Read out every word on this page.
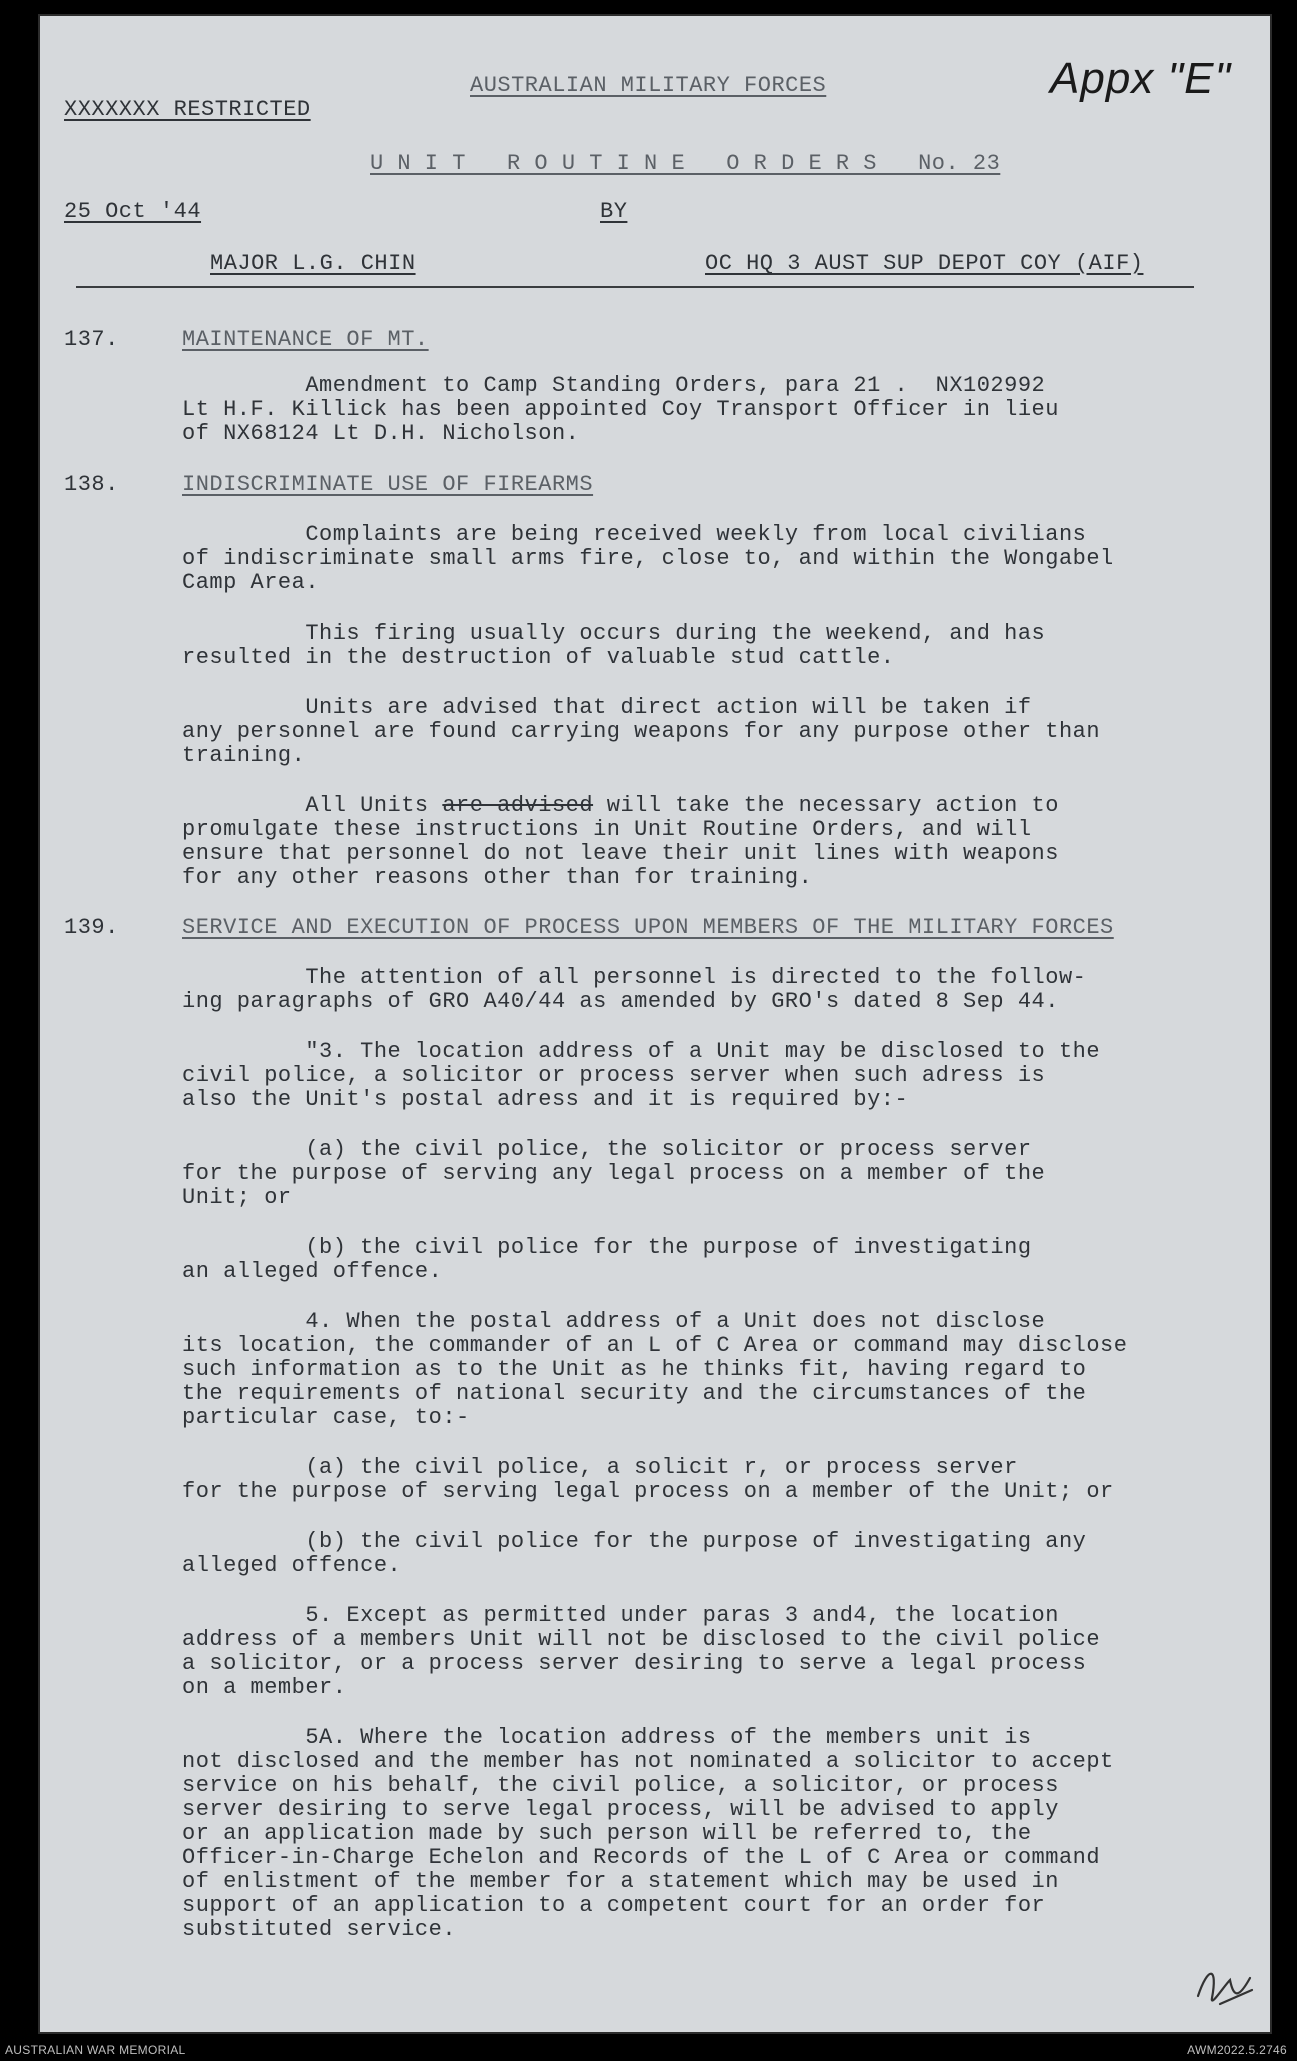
AUSTRALIAN MILITARY FORCES	Appx "E"
XXXXXXX RESTRICTED
U N I T   R O U T I N E   O R D E R S   No. 23
25 Oct '44	BY
MAJOR L.G. CHIN	OC HQ 3 AUST SUP DEPOT COY (AIF)
137.	MAINTENANCE OF MT.
Amendment to Camp Standing Orders, para 21 .  NX102992
Lt H.F. Killick has been appointed Coy Transport Officer in lieu
of NX68124 Lt D.H. Nicholson.
138.	INDISCRIMINATE USE OF FIREARMS
Complaints are being received weekly from local civilians
of indiscriminate small arms fire, close to, and within the Wongabel
Camp Area.
This firing usually occurs during the weekend, and has
resulted in the destruction of valuable stud cattle.
Units are advised that direct action will be taken if
any personnel are found carrying weapons for any purpose other than
training.
All Units are advised will take the necessary action to
promulgate these instructions in Unit Routine Orders, and will
ensure that personnel do not leave their unit lines with weapons
for any other reasons other than for training.
139.	SERVICE AND EXECUTION OF PROCESS UPON MEMBERS OF THE MILITARY FORCES
The attention of all personnel is directed to the follow-
ing paragraphs of GRO A40/44 as amended by GRO's dated 8 Sep 44.
"3. The location address of a Unit may be disclosed to the
civil police, a solicitor or process server when such adress is
also the Unit's postal adress and it is required by:-
(a) the civil police, the solicitor or process server
for the purpose of serving any legal process on a member of the
Unit; or
(b) the civil police for the purpose of investigating
an alleged offence.
4. When the postal address of a Unit does not disclose
its location, the commander of an L of C Area or command may disclose
such information as to the Unit as he thinks fit, having regard to
the requirements of national security and the circumstances of the
particular case, to:-
(a) the civil police, a solicit r, or process server
for the purpose of serving legal process on a member of the Unit; or
(b) the civil police for the purpose of investigating any
alleged offence.
5. Except as permitted under paras 3 and4, the location
address of a members Unit will not be disclosed to the civil police
a solicitor, or a process server desiring to serve a legal process
on a member.
5A. Where the location address of the members unit is
not disclosed and the member has not nominated a solicitor to accept
service on his behalf, the civil police, a solicitor, or process
server desiring to serve legal process, will be advised to apply
or an application made by such person will be referred to, the
Officer-in-Charge Echelon and Records of the L of C Area or command
of enlistment of the member for a statement which may be used in
support of an application to a competent court for an order for
substituted service.
AUSTRALIAN WAR MEMORIAL	AWM2022.5.2746
